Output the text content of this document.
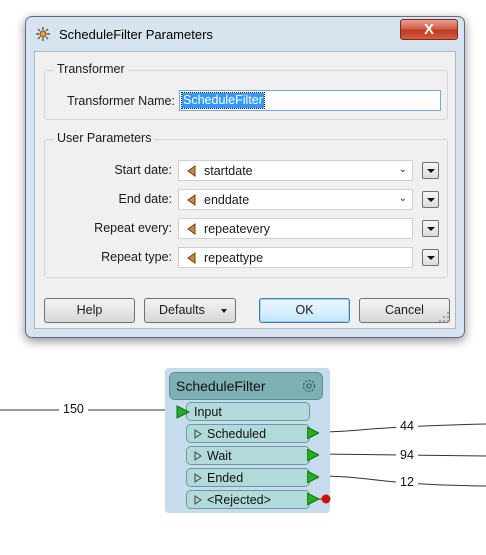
ScheduleFilter Parameters	X
Transformer
Transformer Name: ScheduleFilter
User Parameters
Start date:	startdate	⌄
End date:	enddate	⌄
Repeat every:	repeatevery
Repeat type:	repeattype
Help	Defaults	OK	Cancel
150
44
94
12
ScheduleFilter
Input
Scheduled
Wait
Ended
<Rejected>
